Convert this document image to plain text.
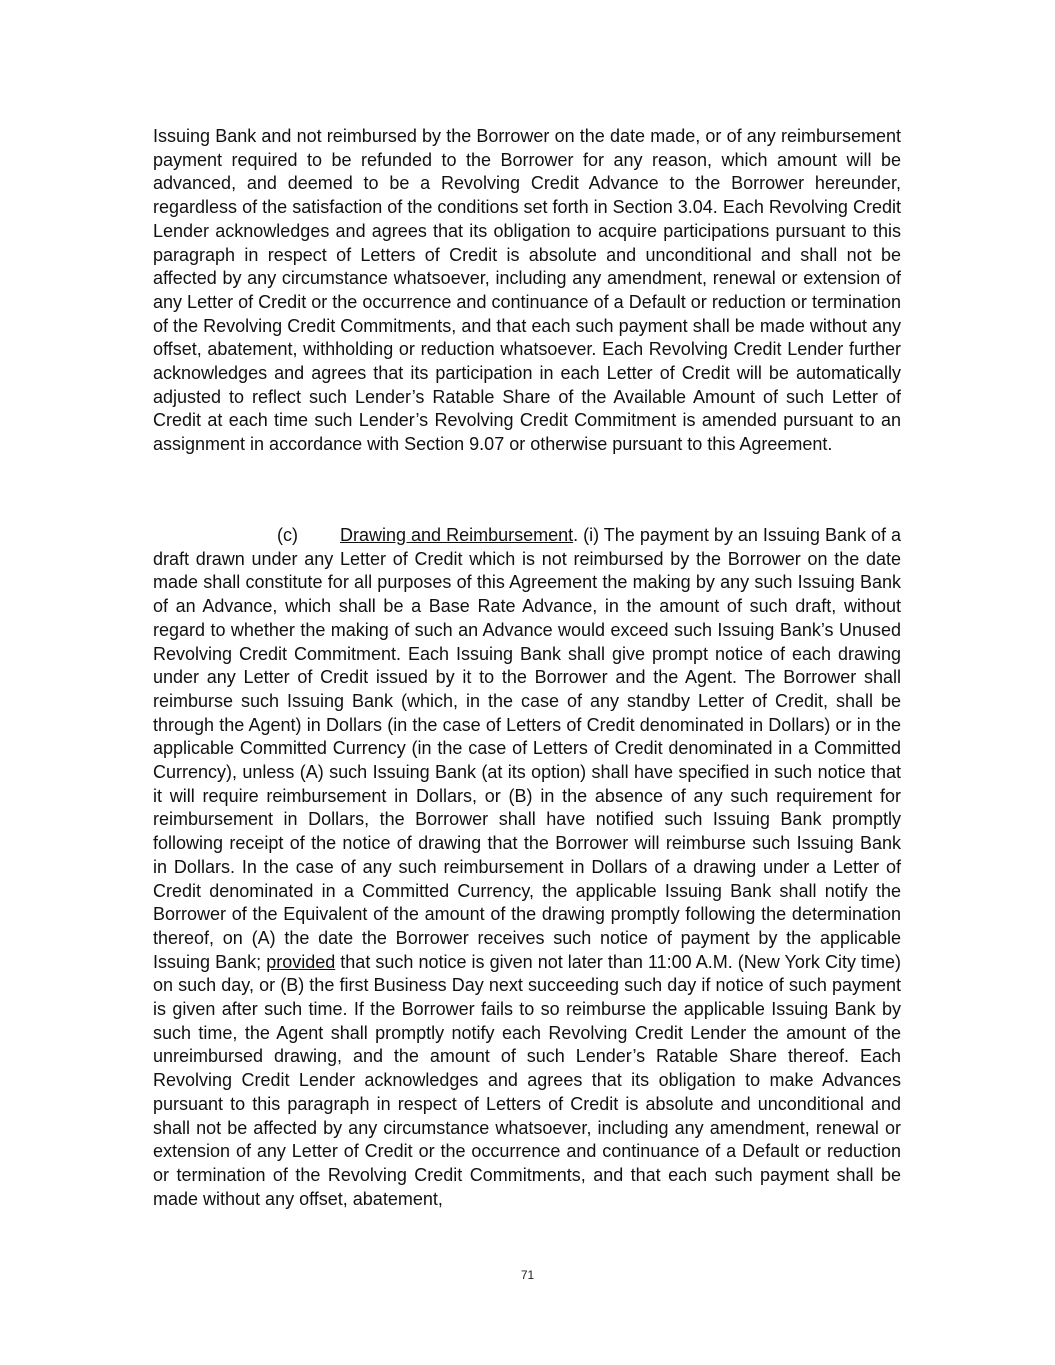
Issuing Bank and not reimbursed by the Borrower on the date made, or of any reimbursement payment required to be refunded to the Borrower for any reason, which amount will be advanced, and deemed to be a Revolving Credit Advance to the Borrower hereunder, regardless of the satisfaction of the conditions set forth in Section 3.04. Each Revolving Credit Lender acknowledges and agrees that its obligation to acquire participations pursuant to this paragraph in respect of Letters of Credit is absolute and unconditional and shall not be affected by any circumstance whatsoever, including any amendment, renewal or extension of any Letter of Credit or the occurrence and continuance of a Default or reduction or termination of the Revolving Credit Commitments, and that each such payment shall be made without any offset, abatement, withholding or reduction whatsoever. Each Revolving Credit Lender further acknowledges and agrees that its participation in each Letter of Credit will be automatically adjusted to reflect such Lender’s Ratable Share of the Available Amount of such Letter of Credit at each time such Lender’s Revolving Credit Commitment is amended pursuant to an assignment in accordance with Section 9.07 or otherwise pursuant to this Agreement.

(c) Drawing and Reimbursement. (i) The payment by an Issuing Bank of a draft drawn under any Letter of Credit which is not reimbursed by the Borrower on the date made shall constitute for all purposes of this Agreement the making by any such Issuing Bank of an Advance, which shall be a Base Rate Advance, in the amount of such draft, without regard to whether the making of such an Advance would exceed such Issuing Bank’s Unused Revolving Credit Commitment. Each Issuing Bank shall give prompt notice of each drawing under any Letter of Credit issued by it to the Borrower and the Agent. The Borrower shall reimburse such Issuing Bank (which, in the case of any standby Letter of Credit, shall be through the Agent) in Dollars (in the case of Letters of Credit denominated in Dollars) or in the applicable Committed Currency (in the case of Letters of Credit denominated in a Committed Currency), unless (A) such Issuing Bank (at its option) shall have specified in such notice that it will require reimbursement in Dollars, or (B) in the absence of any such requirement for reimbursement in Dollars, the Borrower shall have notified such Issuing Bank promptly following receipt of the notice of drawing that the Borrower will reimburse such Issuing Bank in Dollars. In the case of any such reimbursement in Dollars of a drawing under a Letter of Credit denominated in a Committed Currency, the applicable Issuing Bank shall notify the Borrower of the Equivalent of the amount of the drawing promptly following the determination thereof, on (A) the date the Borrower receives such notice of payment by the applicable Issuing Bank; provided that such notice is given not later than 11:00 A.M. (New York City time) on such day, or (B) the first Business Day next succeeding such day if notice of such payment is given after such time. If the Borrower fails to so reimburse the applicable Issuing Bank by such time, the Agent shall promptly notify each Revolving Credit Lender the amount of the unreimbursed drawing, and the amount of such Lender’s Ratable Share thereof. Each Revolving Credit Lender acknowledges and agrees that its obligation to make Advances pursuant to this paragraph in respect of Letters of Credit is absolute and unconditional and shall not be affected by any circumstance whatsoever, including any amendment, renewal or extension of any Letter of Credit or the occurrence and continuance of a Default or reduction or termination of the Revolving Credit Commitments, and that each such payment shall be made without any offset, abatement,

71
